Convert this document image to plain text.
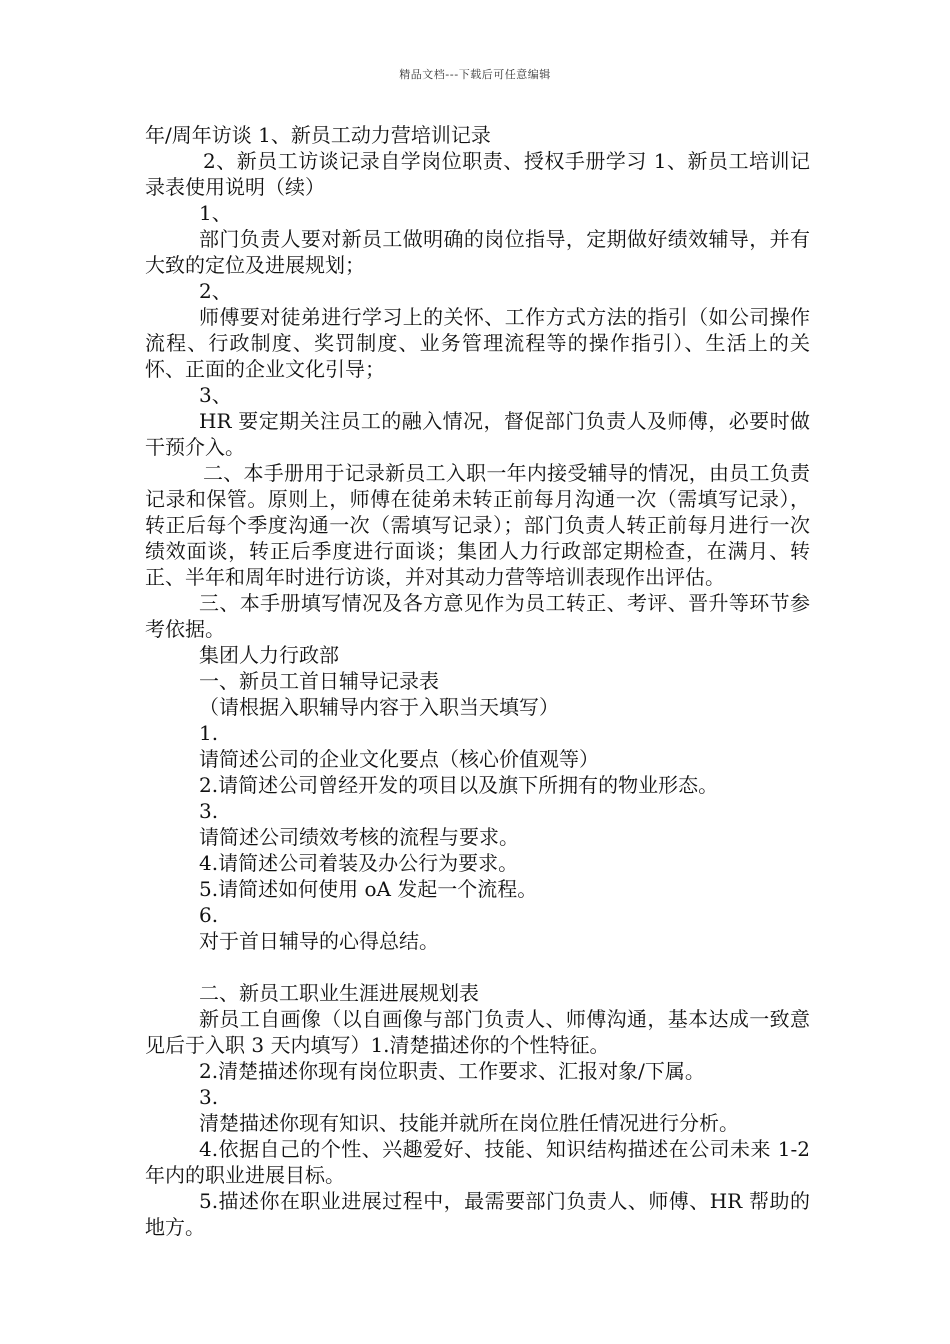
精品文档---下载后可任意编辑

年/周年访谈 1、新员工动力营培训记录

2、新员工访谈记录自学岗位职责、授权手册学习 1、新员工培训记录表使用说明（续）

1、

部门负责人要对新员工做明确的岗位指导，定期做好绩效辅导，并有大致的定位及进展规划；

2、

师傅要对徒弟进行学习上的关怀、工作方式方法的指引（如公司操作流程、行政制度、奖罚制度、业务管理流程等的操作指引）、生活上的关怀、正面的企业文化引导；

3、

HR 要定期关注员工的融入情况，督促部门负责人及师傅，必要时做干预介入。

二、本手册用于记录新员工入职一年内接受辅导的情况，由员工负责记录和保管。原则上，师傅在徒弟未转正前每月沟通一次（需填写记录），转正后每个季度沟通一次（需填写记录）；部门负责人转正前每月进行一次绩效面谈，转正后季度进行面谈；集团人力行政部定期检查，在满月、转正、半年和周年时进行访谈，并对其动力营等培训表现作出评估。

三、本手册填写情况及各方意见作为员工转正、考评、晋升等环节参考依据。

集团人力行政部

一、新员工首日辅导记录表

（请根据入职辅导内容于入职当天填写）

1.

请简述公司的企业文化要点（核心价值观等）

2.请简述公司曾经开发的项目以及旗下所拥有的物业形态。

3.

请简述公司绩效考核的流程与要求。

4.请简述公司着装及办公行为要求。

5.请简述如何使用 oA 发起一个流程。

6.

对于首日辅导的心得总结。

二、新员工职业生涯进展规划表

新员工自画像（以自画像与部门负责人、师傅沟通，基本达成一致意见后于入职 3 天内填写）1.清楚描述你的个性特征。

2.清楚描述你现有岗位职责、工作要求、汇报对象/下属。

3.

清楚描述你现有知识、技能并就所在岗位胜任情况进行分析。

4.依据自己的个性、兴趣爱好、技能、知识结构描述在公司未来 1-2 年内的职业进展目标。

5.描述你在职业进展过程中，最需要部门负责人、师傅、HR 帮助的地方。
